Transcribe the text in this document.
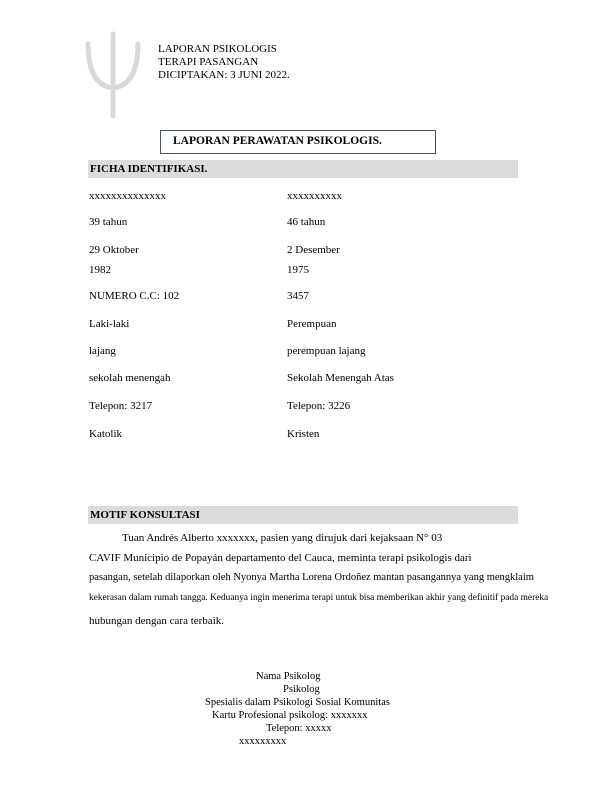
LAPORAN PSIKOLOGIS
TERAPI PASANGAN
DICIPTAKAN: 3 JUNI 2022.
LAPORAN PERAWATAN PSIKOLOGIS.
FICHA IDENTIFIKASI.
xxxxxxxxxxxxxx	xxxxxxxxxx
39 tahun	46 tahun
29 Oktober	2 Desember
1982	1975
NUMERO C.C: 102	3457
Laki-laki	Perempuan
lajang	perempuan lajang
sekolah menengah	Sekolah Menengah Atas
Telepon: 3217	Telepon: 3226
Katolik	Kristen
MOTIF KONSULTASI
Tuan Andrés Alberto xxxxxxx, pasien yang dirujuk dari kejaksaan N° 03
CAVIF Municipio de Popayán departamento del Cauca, meminta terapi psikologis dari
pasangan, setelah dilaporkan oleh Nyonya Martha Lorena Ordoñez mantan pasangannya yang mengklaim
kekerasan dalam rumah tangga. Keduanya ingin menerima terapi untuk bisa memberikan akhir yang definitif pada mereka
hubungan dengan cara terbaik.
Nama Psikolog
Psikolog
Spesialis dalam Psikologi Sosial Komunitas
Kartu Profesional psikolog: xxxxxxx
Telepon: xxxxx
xxxxxxxxx
